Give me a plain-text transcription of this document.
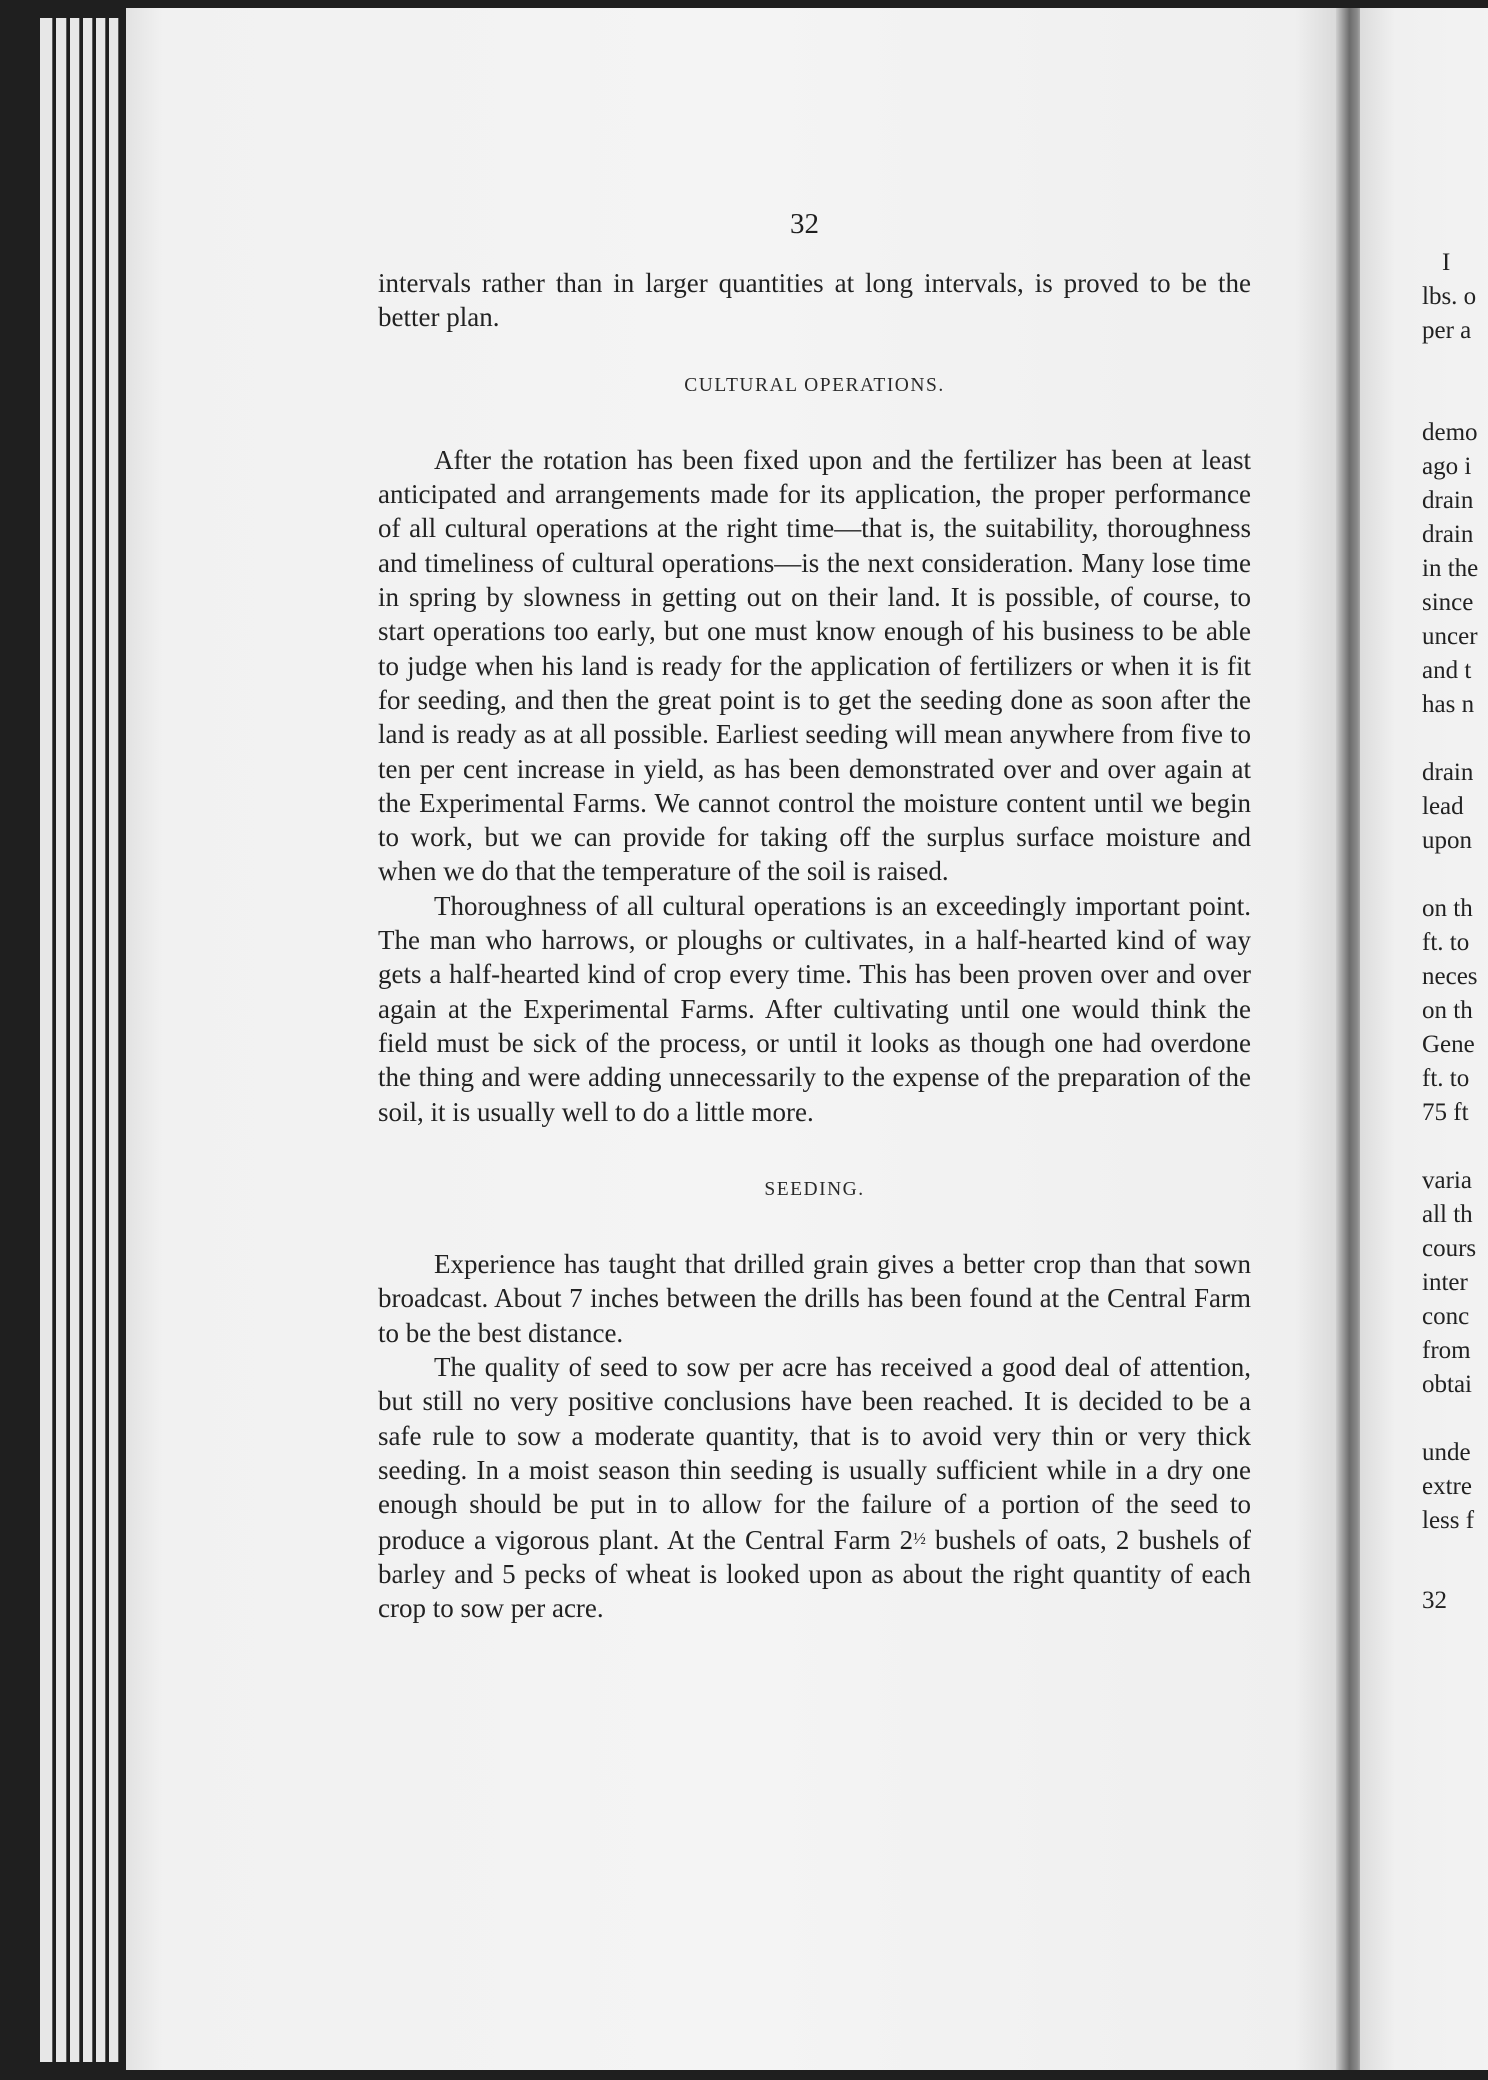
32

intervals rather than in larger quantities at long intervals, is proved to be the better plan.

CULTURAL OPERATIONS.

After the rotation has been fixed upon and the fertilizer has been at least anticipated and arrangements made for its application, the proper performance of all cultural operations at the right time—that is, the suitability, thoroughness and timeliness of cultural operations—is the next consideration. Many lose time in spring by slowness in getting out on their land. It is possible, of course, to start operations too early, but one must know enough of his business to be able to judge when his land is ready for the application of fertilizers or when it is fit for seeding, and then the great point is to get the seeding done as soon after the land is ready as at all possible. Earliest seeding will mean anywhere from five to ten per cent increase in yield, as has been demonstrated over and over again at the Experimental Farms. We cannot control the moisture content until we begin to work, but we can provide for taking off the surplus surface moisture and when we do that the temperature of the soil is raised.

Thoroughness of all cultural operations is an exceedingly important point. The man who harrows, or ploughs or cultivates, in a half-hearted kind of way gets a half-hearted kind of crop every time. This has been proven over and over again at the Experimental Farms. After cultivating until one would think the field must be sick of the process, or until it looks as though one had overdone the thing and were adding unnecessarily to the expense of the preparation of the soil, it is usually well to do a little more.

SEEDING.

Experience has taught that drilled grain gives a better crop than that sown broadcast. About 7 inches between the drills has been found at the Central Farm to be the best distance.

The quality of seed to sow per acre has received a good deal of attention, but still no very positive conclusions have been reached. It is decided to be a safe rule to sow a moderate quantity, that is to avoid very thin or very thick seeding. In a moist season thin seeding is usually sufficient while in a dry one enough should be put in to allow for the failure of a portion of the seed to produce a vigorous plant. At the Central Farm 2½ bushels of oats, 2 bushels of barley and 5 pecks of wheat is looked upon as about the right quantity of each crop to sow per acre.

I
lbs. o
per a
demo
ago i
drain
drain
in the
since
uncer
and t
has n
drain
lead
upon
on th
ft. to
neces
on th
Gene
ft. to
75 ft
varia
all th
cours
inter
conc
from
obtai
unde
extre
less f
32
